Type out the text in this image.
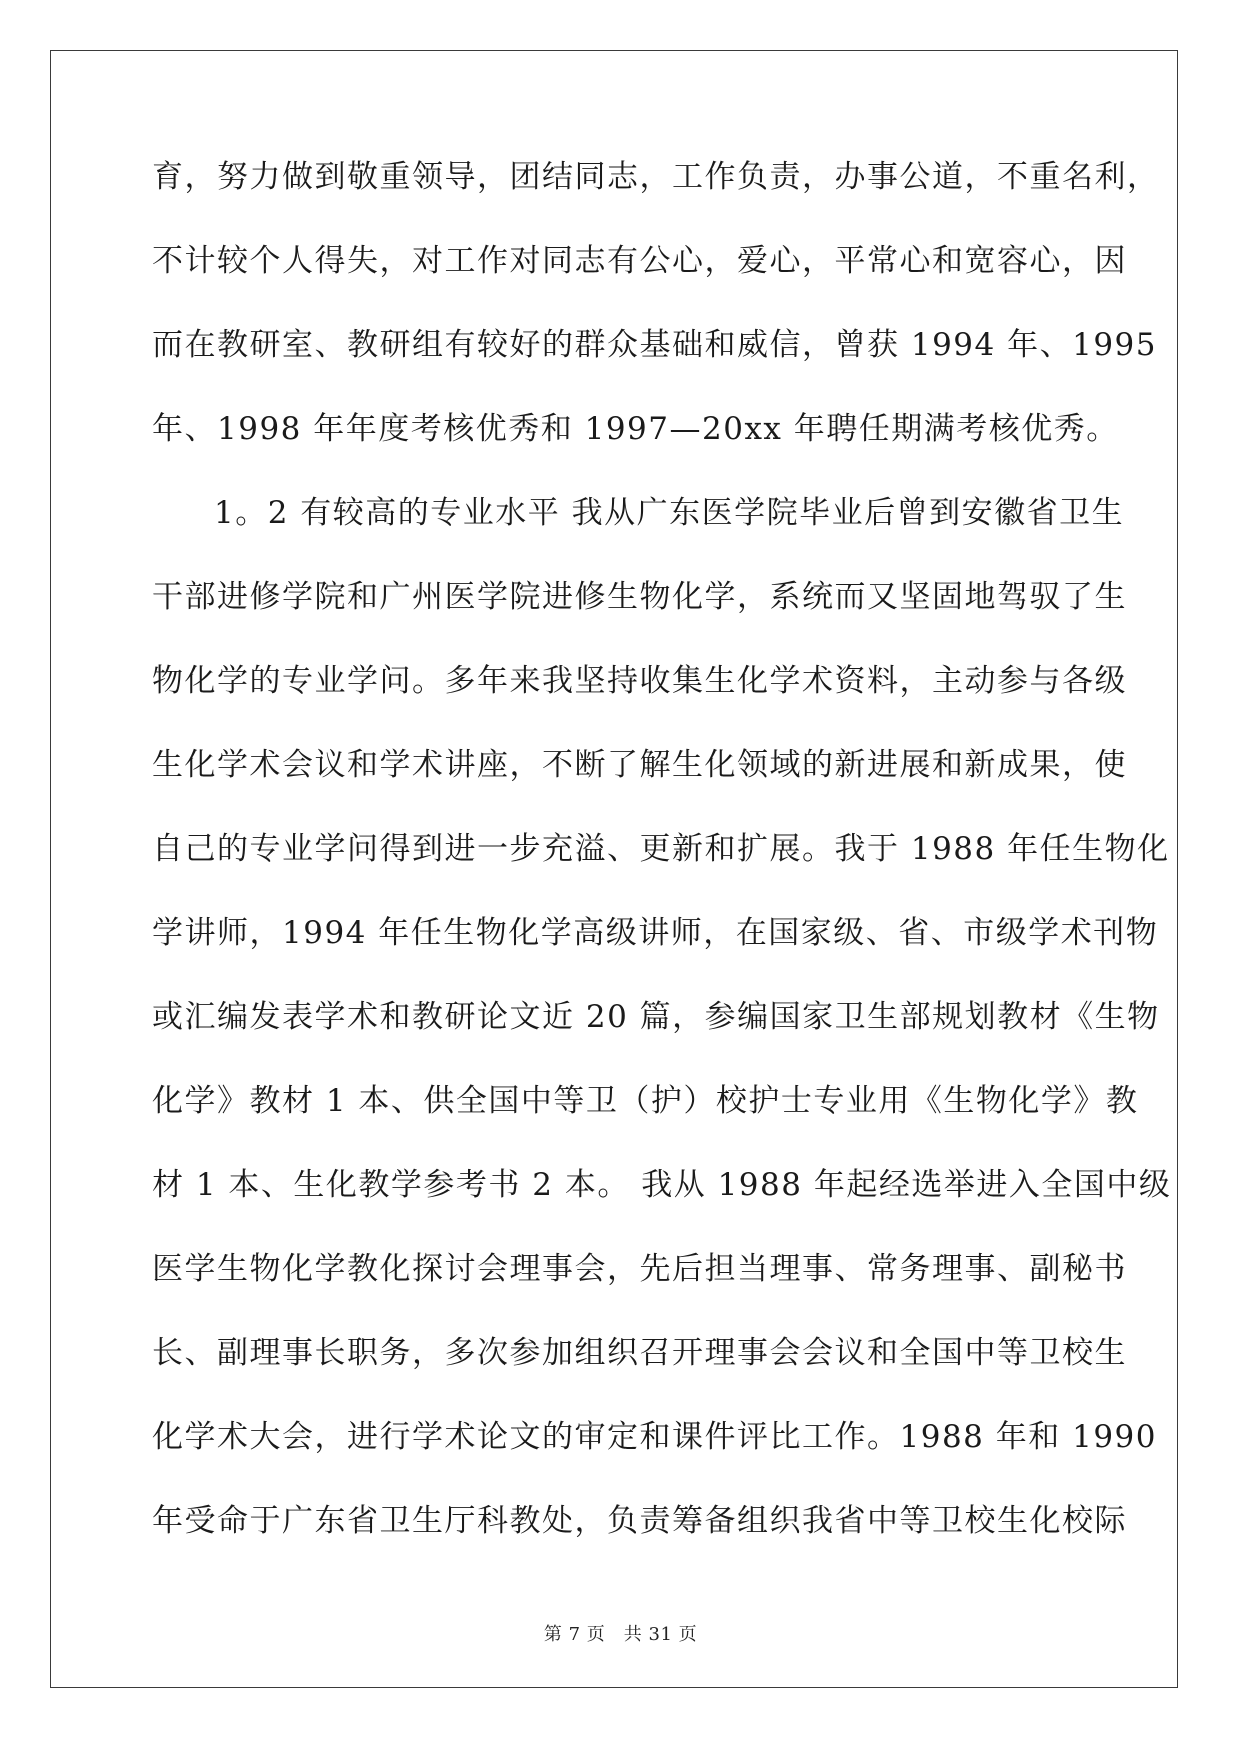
育，努力做到敬重领导，团结同志，工作负责，办事公道，不重名利，
不计较个人得失，对工作对同志有公心，爱心，平常心和宽容心，因
而在教研室、教研组有较好的群众基础和威信，曾获 1994 年、1995
年、1998 年年度考核优秀和 1997—20xx 年聘任期满考核优秀。
1。2 有较高的专业水平 我从广东医学院毕业后曾到安徽省卫生
干部进修学院和广州医学院进修生物化学，系统而又坚固地驾驭了生
物化学的专业学问。多年来我坚持收集生化学术资料，主动参与各级
生化学术会议和学术讲座，不断了解生化领域的新进展和新成果，使
自己的专业学问得到进一步充溢、更新和扩展。我于 1988 年任生物化
学讲师，1994 年任生物化学高级讲师，在国家级、省、市级学术刊物
或汇编发表学术和教研论文近 20 篇，参编国家卫生部规划教材《生物
化学》教材 1 本、供全国中等卫（护）校护士专业用《生物化学》教
材 1 本、生化教学参考书 2 本。 我从 1988 年起经选举进入全国中级
医学生物化学教化探讨会理事会，先后担当理事、常务理事、副秘书
长、副理事长职务，多次参加组织召开理事会会议和全国中等卫校生
化学术大会，进行学术论文的审定和课件评比工作。1988 年和 1990
年受命于广东省卫生厅科教处，负责筹备组织我省中等卫校生化校际
第 7 页　共 31 页
